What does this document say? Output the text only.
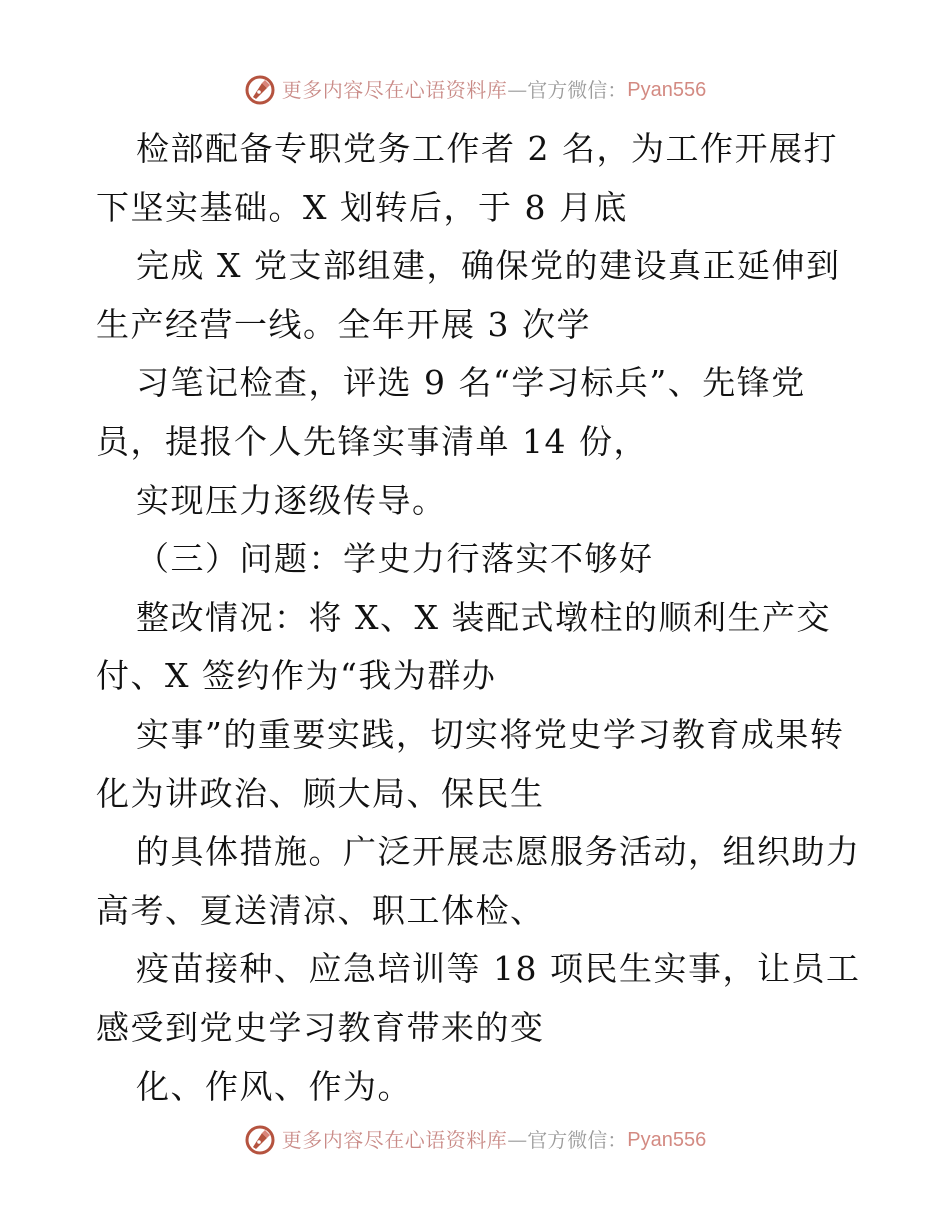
更多内容尽在心语资料库 — 官方微信： Pyan556
检部配备专职党务工作者 2 名，为工作开展打
下坚实基础。X 划转后，于 8 月底
完成 X 党支部组建，确保党的建设真正延伸到
生产经营一线。全年开展 3 次学
习笔记检查，评选 9 名“学习标兵”、先锋党
员，提报个人先锋实事清单 14 份，
实现压力逐级传导。
（三）问题：学史力行落实不够好
整改情况：将 X、X 装配式墩柱的顺利生产交
付、X 签约作为“我为群办
实事”的重要实践，切实将党史学习教育成果转
化为讲政治、顾大局、保民生
的具体措施。广泛开展志愿服务活动，组织助力
高考、夏送清凉、职工体检、
疫苗接种、应急培训等 18 项民生实事，让员工
感受到党史学习教育带来的变
化、作风、作为。
更多内容尽在心语资料库 — 官方微信： Pyan556
